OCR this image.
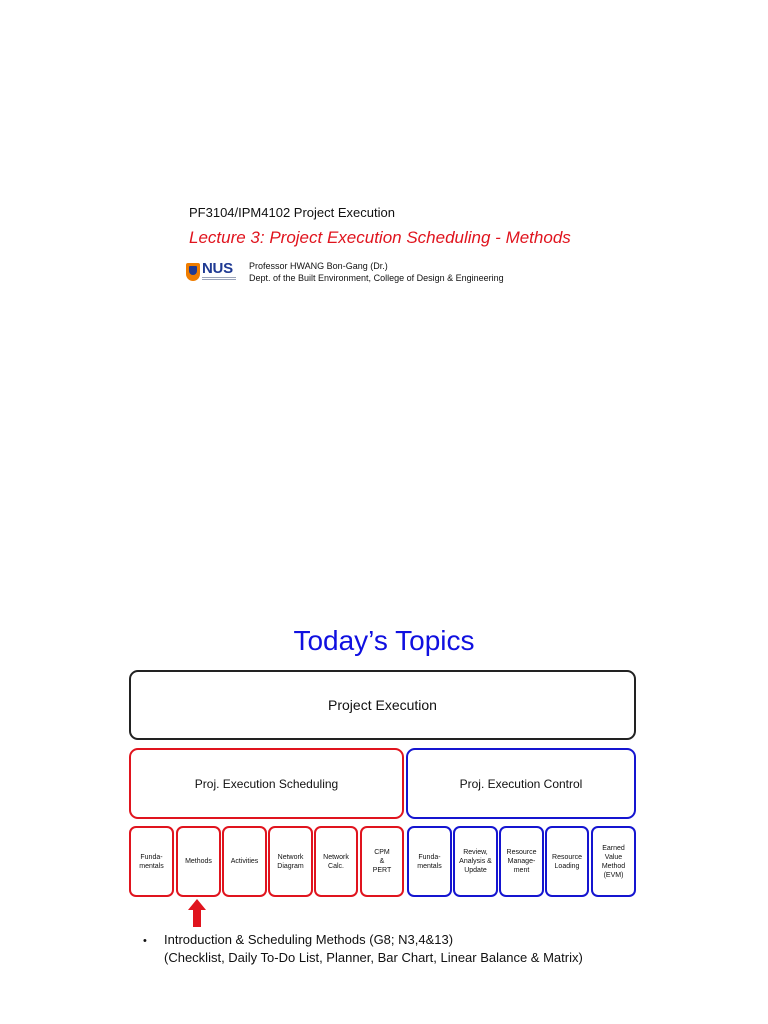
PF3104/IPM4102 Project Execution
Lecture 3: Project Execution Scheduling - Methods
NUS Professor HWANG Bon-Gang (Dr.)
Dept. of the Built Environment, College of Design & Engineering
Today’s Topics
Project Execution
Proj. Execution Scheduling	Proj. Execution Control
Funda-
mentals
Methods	Activities
Network
Diagram
Network
Calc.
CPM
&
PERT
Funda-
mentals
Review,
Analysis &
Update
Resource
Manage-
ment
Resource
Loading
Earned
Value
Method
(EVM)
• Introduction & Scheduling Methods (G8; N3,4&13)
(Checklist, Daily To-Do List, Planner, Bar Chart, Linear Balance & Matrix)
